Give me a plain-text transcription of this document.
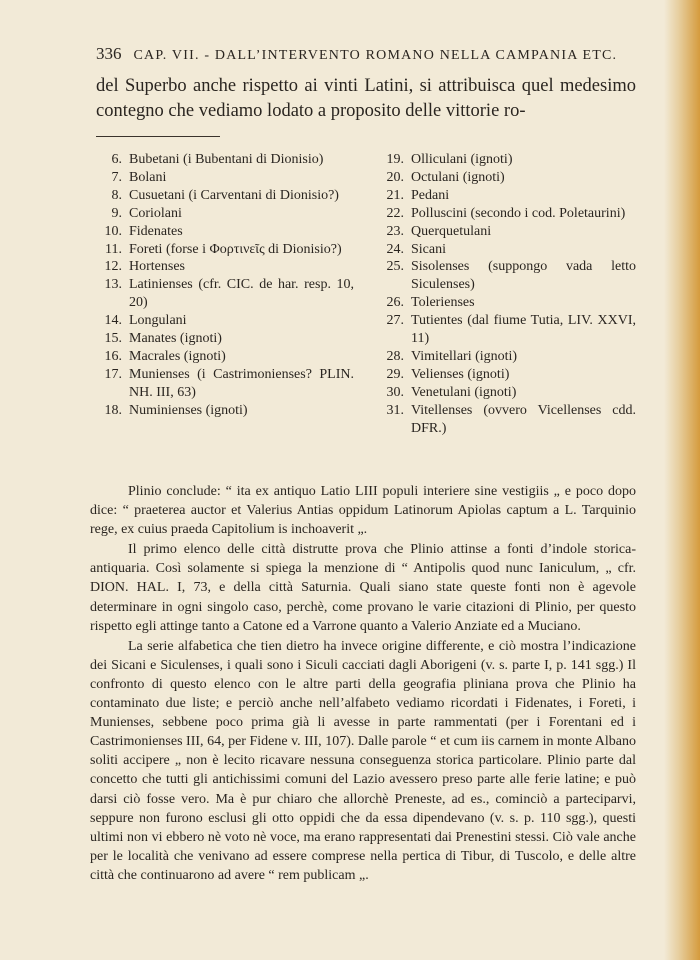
336 CAP. VII. - DALL’INTERVENTO ROMANO NELLA CAMPANIA ETC.

del Superbo anche rispetto ai vinti Latini, si attribuisca quel medesimo contegno che vediamo lodato a proposito delle vittorie ro-

6. Bubetani (i Bubentani di Dionisio)
7. Bolani
8. Cusuetani (i Carventani di Dionisio?)
9. Coriolani
10. Fidenates
11. Foreti (forse i Φορτινεῖς di Dionisio?)
12. Hortenses
13. Latinienses (cfr. CIC. de har. resp. 10, 20)
14. Longulani
15. Manates (ignoti)
16. Macrales (ignoti)
17. Munienses (i Castrimonienses? PLIN. NH. III, 63)
18. Numinienses (ignoti)
19. Olliculani (ignoti)
20. Octulani (ignoti)
21. Pedani
22. Polluscini (secondo i cod. Poletaurini)
23. Querquetulani
24. Sicani
25. Sisolenses (suppongo vada letto Siculenses)
26. Tolerienses
27. Tutientes (dal fiume Tutia, LIV. XXVI, 11)
28. Vimitellari (ignoti)
29. Velienses (ignoti)
30. Venetulani (ignoti)
31. Vitellenses (ovvero Vicellenses cdd. DFR.)

Plinio conclude: “ ita ex antiquo Latio LIII populi interiere sine vestigiis „ e poco dopo dice: “ praeterea auctor et Valerius Antias oppidum Latinorum Apiolas captum a L. Tarquinio rege, ex cuius praeda Capitolium is inchoaverit „.

Il primo elenco delle città distrutte prova che Plinio attinse a fonti d’indole storica-antiquaria. Così solamente si spiega la menzione di “ Antipolis quod nunc Ianiculum, „ cfr. DION. HAL. I, 73, e della città Saturnia. Quali siano state queste fonti non è agevole determinare in ogni singolo caso, perchè, come provano le varie citazioni di Plinio, per questo rispetto egli attinge tanto a Catone ed a Varrone quanto a Valerio Anziate ed a Muciano.

La serie alfabetica che tien dietro ha invece origine differente, e ciò mostra l’indicazione dei Sicani e Siculenses, i quali sono i Siculi cacciati dagli Aborigeni (v. s. parte I, p. 141 sgg.) Il confronto di questo elenco con le altre parti della geografia pliniana prova che Plinio ha contaminato due liste; e perciò anche nell’alfabeto vediamo ricordati i Fidenates, i Foreti, i Munienses, sebbene poco prima già li avesse in parte rammentati (per i Forentani ed i Castrimonienses III, 64, per Fidene v. III, 107). Dalle parole “ et cum iis carnem in monte Albano soliti accipere „ non è lecito ricavare nessuna conseguenza storica particolare. Plinio parte dal concetto che tutti gli antichissimi comuni del Lazio avessero preso parte alle ferie latine; e può darsi ciò fosse vero. Ma è pur chiaro che allorchè Preneste, ad es., cominciò a parteciparvi, seppure non furono esclusi gli otto oppidi che da essa dipendevano (v. s. p. 110 sgg.), questi ultimi non vi ebbero nè voto nè voce, ma erano rappresentati dai Prenestini stessi. Ciò vale anche per le località che venivano ad essere comprese nella pertica di Tibur, di Tuscolo, e delle altre città che continuarono ad avere “ rem publicam „.
